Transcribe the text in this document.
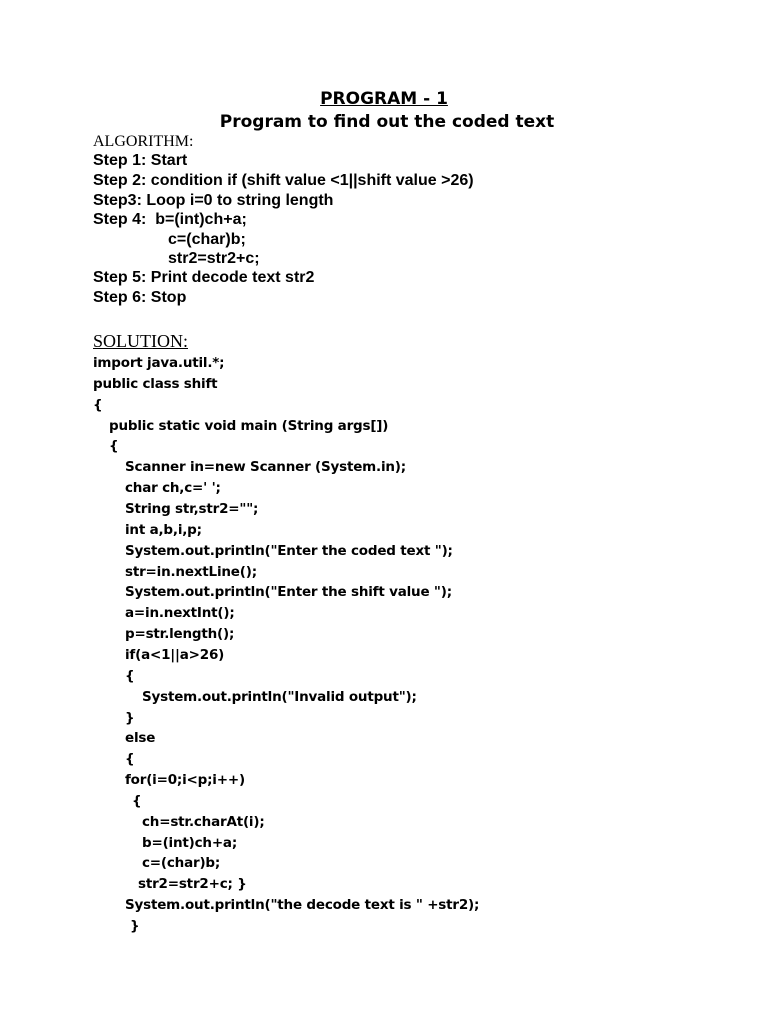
PROGRAM - 1
Program to find out the coded text
ALGORITHM:
Step 1: Start
Step 2: condition if (shift value <1||shift value >26)
Step3: Loop i=0 to string length
Step 4:  b=(int)ch+a;
c=(char)b;
str2=str2+c;
Step 5: Print decode text str2
Step 6: Stop
SOLUTION:
import java.util.*;
public class shift
{
public static void main (String args[])
{
Scanner in=new Scanner (System.in);
char ch,c=' ';
String str,str2="";
int a,b,i,p;
System.out.println("Enter the coded text ");
str=in.nextLine();
System.out.println("Enter the shift value ");
a=in.nextInt();
p=str.length();
if(a<1||a>26)
{
System.out.println("Invalid output");
}
else
{
for(i=0;i<p;i++)
{
ch=str.charAt(i);
b=(int)ch+a;
c=(char)b;
str2=str2+c; }
System.out.println("the decode text is " +str2);
}
